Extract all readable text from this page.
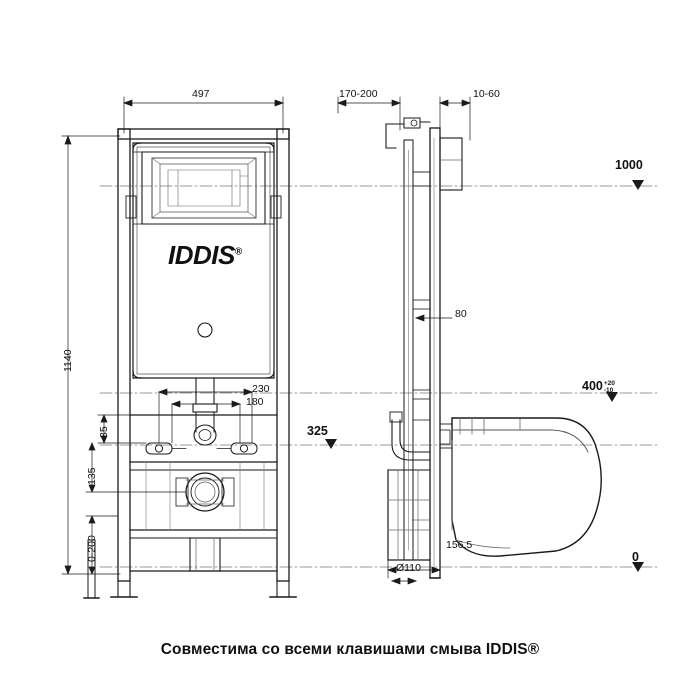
IDDIS®
497	170-200	10-60
1140
35
135
0-200
230
180
80
156,5
Ø110
1000
325
0
400+20
-10
Совместима со всеми клавишами смыва IDDIS®
